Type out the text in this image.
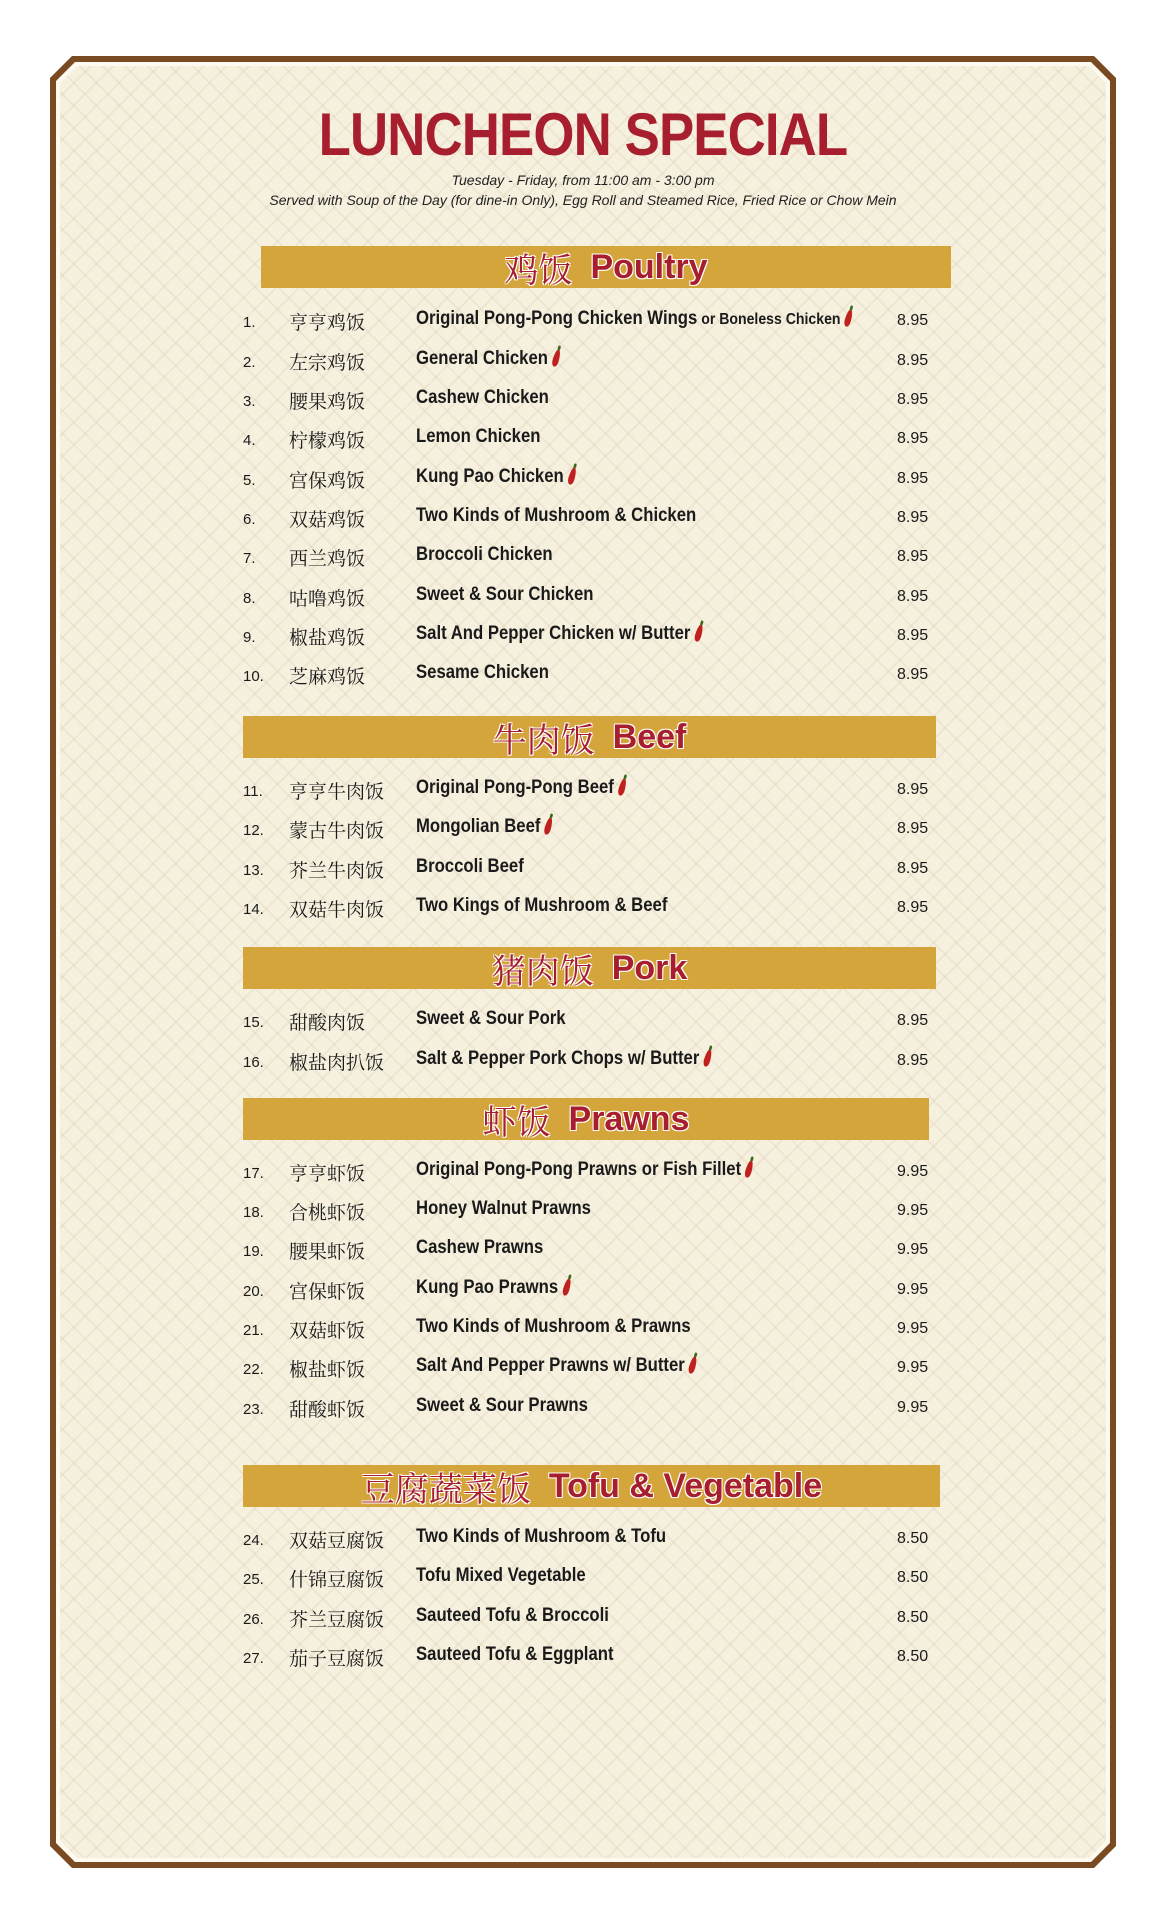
LUNCHEON SPECIAL
Tuesday - Friday, from 11:00 am - 3:00 pm
Served with Soup of the Day (for dine-in Only), Egg Roll and Steamed Rice, Fried Rice or Chow Mein
鸡饭 Poultry
牛肉饭 Beef
猪肉饭 Pork
虾饭 Prawns
豆腐蔬菜饭 Tofu & Vegetable
1. 亨亨鸡饭	Original Pong-Pong Chicken Wings or Boneless Chicken	8.95
2. 左宗鸡饭	General Chicken	8.95
3. 腰果鸡饭	Cashew Chicken	8.95
4. 柠檬鸡饭	Lemon Chicken	8.95
5. 宫保鸡饭	Kung Pao Chicken	8.95
6. 双菇鸡饭	Two Kinds of Mushroom & Chicken	8.95
7. 西兰鸡饭	Broccoli Chicken	8.95
8. 咕噜鸡饭	Sweet & Sour Chicken	8.95
9. 椒盐鸡饭	Salt And Pepper Chicken w/ Butter	8.95
10. 芝麻鸡饭	Sesame Chicken	8.95
11. 亨亨牛肉饭 Original Pong-Pong Beef	8.95
12. 蒙古牛肉饭 Mongolian Beef	8.95
13. 芥兰牛肉饭 Broccoli Beef	8.95
14. 双菇牛肉饭 Two Kings of Mushroom & Beef	8.95
15. 甜酸肉饭	Sweet & Sour Pork	8.95
16. 椒盐肉扒饭 Salt & Pepper Pork Chops w/ Butter	8.95
17. 亨亨虾饭	Original Pong-Pong Prawns or Fish Fillet	9.95
18. 合桃虾饭	Honey Walnut Prawns	9.95
19. 腰果虾饭	Cashew Prawns	9.95
20. 宫保虾饭	Kung Pao Prawns	9.95
21. 双菇虾饭	Two Kinds of Mushroom & Prawns	9.95
22. 椒盐虾饭	Salt And Pepper Prawns w/ Butter	9.95
23. 甜酸虾饭	Sweet & Sour Prawns	9.95
24. 双菇豆腐饭 Two Kinds of Mushroom & Tofu	8.50
25. 什锦豆腐饭 Tofu Mixed Vegetable	8.50
26. 芥兰豆腐饭 Sauteed Tofu & Broccoli	8.50
27. 茄子豆腐饭 Sauteed Tofu & Eggplant	8.50
